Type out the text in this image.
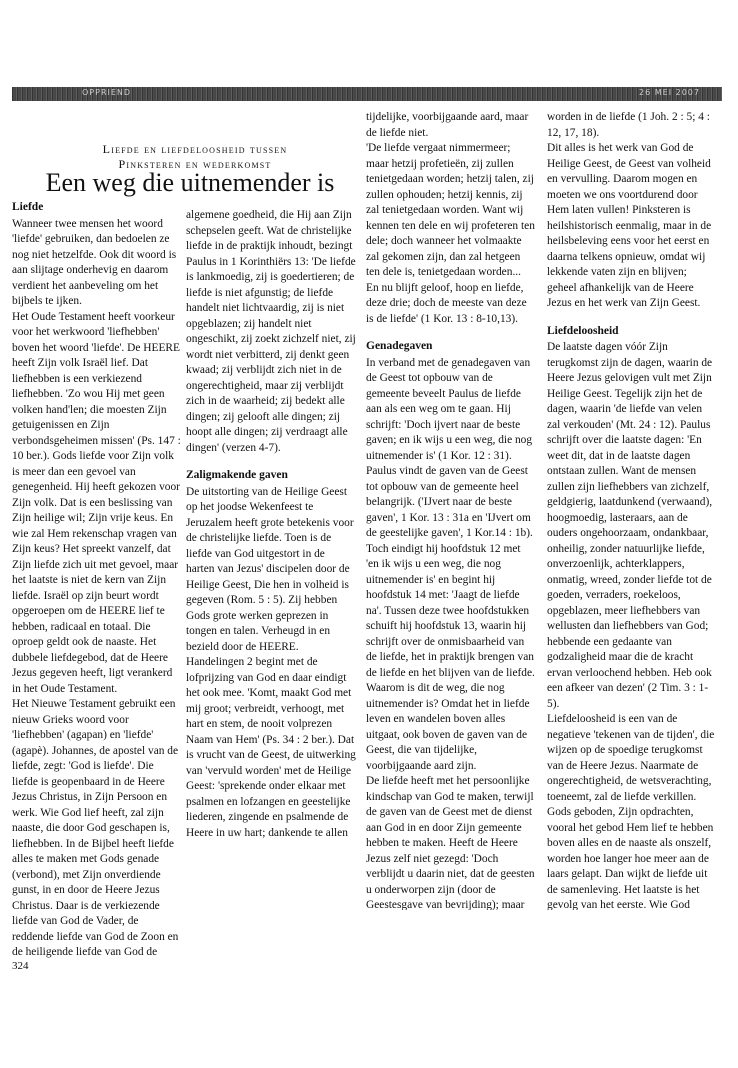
OPPRIEND	26 MEI 2007
Liefde en liefdeloosheid tussen
Pinksteren en wederkomst
Een weg die uitnemender is
Liefde

Wanneer twee mensen het woord 'liefde' gebruiken, dan bedoelen ze nog niet hetzelfde. Ook dit woord is aan slijtage onderhevig en daarom verdient het aanbeveling om het bijbels te ijken.

Het Oude Testament heeft voorkeur voor het werkwoord 'liefhebben' boven het woord 'liefde'. De HEERE heeft Zijn volk Israël lief. Dat liefhebben is een verkiezend liefhebben. 'Zo wou Hij met geen volken hand'len; die moesten Zijn getuigenissen en Zijn verbondsgeheimen missen' (Ps. 147 : 10 ber.). Gods liefde voor Zijn volk is meer dan een gevoel van genegenheid. Hij heeft gekozen voor Zijn volk. Dat is een beslissing van Zijn heilige wil; Zijn vrije keus. En wie zal Hem rekenschap vragen van Zijn keus? Het spreekt vanzelf, dat Zijn liefde zich uit met gevoel, maar het laatste is niet de kern van Zijn liefde. Israël op zijn beurt wordt opgeroepen om de HEERE lief te hebben, radicaal en totaal. Die oproep geldt ook de naaste. Het dubbele liefdegebod, dat de Heere Jezus gegeven heeft, ligt verankerd in het Oude Testament.

Het Nieuwe Testament gebruikt een nieuw Grieks woord voor 'liefhebben' (agapan) en 'liefde' (agapè). Johannes, de apostel van de liefde, zegt: 'God is liefde'. Die liefde is geopenbaard in de Heere Jezus Christus, in Zijn Persoon en werk. Wie God lief heeft, zal zijn naaste, die door God geschapen is, liefhebben. In de Bijbel heeft liefde alles te maken met Gods genade (verbond), met Zijn onverdiende gunst, in en door de Heere Jezus Christus. Daar is de verkiezende liefde van God de Vader, de reddende liefde van God de Zoon en de heiligende liefde van God de

algemene goedheid, die Hij aan Zijn schepselen geeft. Wat de christelijke liefde in de praktijk inhoudt, bezingt Paulus in 1 Korinthiërs 13: 'De liefde is lankmoedig, zij is goedertieren; de liefde is niet afgunstig; de liefde handelt niet lichtvaardig, zij is niet opgeblazen; zij handelt niet ongeschikt, zij zoekt zichzelf niet, zij wordt niet verbitterd, zij denkt geen kwaad; zij verblijdt zich niet in de ongerechtigheid, maar zij verblijdt zich in de waarheid; zij bedekt alle dingen; zij gelooft alle dingen; zij hoopt alle dingen; zij verdraagt alle dingen' (verzen 4-7).

Zaligmakende gaven

De uitstorting van de Heilige Geest op het joodse Wekenfeest te Jeruzalem heeft grote betekenis voor de christelijke liefde. Toen is de liefde van God uitgestort in de harten van Jezus' discipelen door de Heilige Geest, Die hen in volheid is gegeven (Rom. 5 : 5). Zij hebben Gods grote werken geprezen in tongen en talen. Verheugd in en bezield door de HEERE. Handelingen 2 begint met de lofprijzing van God en daar eindigt het ook mee. 'Komt, maakt God met mij groot; verbreidt, verhoogt, met hart en stem, de nooit volprezen Naam van Hem' (Ps. 34 : 2 ber.). Dat is vrucht van de Geest, de uitwerking van 'vervuld worden' met de Heilige Geest: 'sprekende onder elkaar met psalmen en lofzangen en geestelijke liederen, zingende en psalmende de Heere in uw hart; dankende te allen

tijdelijke, voorbijgaande aard, maar de liefde niet.

'De liefde vergaat nimmermeer; maar hetzij profetieën, zij zullen tenietgedaan worden; hetzij talen, zij zullen ophouden; hetzij kennis, zij zal tenietgedaan worden. Want wij kennen ten dele en wij profeteren ten dele; doch wanneer het volmaakte zal gekomen zijn, dan zal hetgeen ten dele is, tenietgedaan worden... En nu blijft geloof, hoop en liefde, deze drie; doch de meeste van deze is de liefde' (1 Kor. 13 : 8-10,13).

Genadegaven

In verband met de genadegaven van de Geest tot opbouw van de gemeente beveelt Paulus de liefde aan als een weg om te gaan. Hij schrijft: 'Doch ijvert naar de beste gaven; en ik wijs u een weg, die nog uitnemender is' (1 Kor. 12 : 31). Paulus vindt de gaven van de Geest tot opbouw van de gemeente heel belangrijk. ('IJvert naar de beste gaven', 1 Kor. 13 : 31a en 'IJvert om de geestelijke gaven', 1 Kor.14 : 1b). Toch eindigt hij hoofdstuk 12 met 'en ik wijs u een weg, die nog uitnemender is' en begint hij hoofdstuk 14 met: 'Jaagt de liefde na'. Tussen deze twee hoofdstukken schuift hij hoofdstuk 13, waarin hij schrijft over de onmisbaarheid van de liefde, het in praktijk brengen van de liefde en het blijven van de liefde.

Waarom is dit de weg, die nog uitnemender is? Omdat het in liefde leven en wandelen boven alles uitgaat, ook boven de gaven van de Geest, die van tijdelijke, voorbijgaande aard zijn.

De liefde heeft met het persoonlijke kindschap van God te maken, terwijl de gaven van de Geest met de dienst aan God in en door Zijn gemeente hebben te maken. Heeft de Heere Jezus zelf niet gezegd: 'Doch verblijdt u daarin niet, dat de geesten u onderworpen zijn (door de Geestesgave van bevrijding); maar

worden in de liefde (1 Joh. 2 : 5; 4 : 12, 17, 18).

Dit alles is het werk van God de Heilige Geest, de Geest van volheid en vervulling. Daarom mogen en moeten we ons voortdurend door Hem laten vullen! Pinksteren is heilshistorisch eenmalig, maar in de heilsbeleving eens voor het eerst en daarna telkens opnieuw, omdat wij lekkende vaten zijn en blijven; geheel afhankelijk van de Heere Jezus en het werk van Zijn Geest.

Liefdeloosheid

De laatste dagen vóór Zijn terugkomst zijn de dagen, waarin de Heere Jezus gelovigen vult met Zijn Heilige Geest. Tegelijk zijn het de dagen, waarin 'de liefde van velen zal verkouden' (Mt. 24 : 12). Paulus schrijft over die laatste dagen: 'En weet dit, dat in de laatste dagen ontstaan zullen. Want de mensen zullen zijn liefhebbers van zichzelf, geldgierig, laatdunkend (verwaand), hoogmoedig, lasteraars, aan de ouders ongehoorzaam, ondankbaar, onheilig, zonder natuurlijke liefde, onverzoenlijk, achterklappers, onmatig, wreed, zonder liefde tot de goeden, verraders, roekeloos, opgeblazen, meer liefhebbers van wellusten dan liefhebbers van God; hebbende een gedaante van godzaligheid maar die de kracht ervan verloochend hebben. Heb ook een afkeer van dezen' (2 Tim. 3 : 1-5).

Liefdeloosheid is een van de negatieve 'tekenen van de tijden', die wijzen op de spoedige terugkomst van de Heere Jezus. Naarmate de ongerechtigheid, de wetsverachting, toeneemt, zal de liefde verkillen. Gods geboden, Zijn opdrachten, vooral het gebod Hem lief te hebben boven alles en de naaste als onszelf, worden hoe langer hoe meer aan de laars gelapt. Dan wijkt de liefde uit de samenleving. Het laatste is het gevolg van het eerste. Wie God

324
